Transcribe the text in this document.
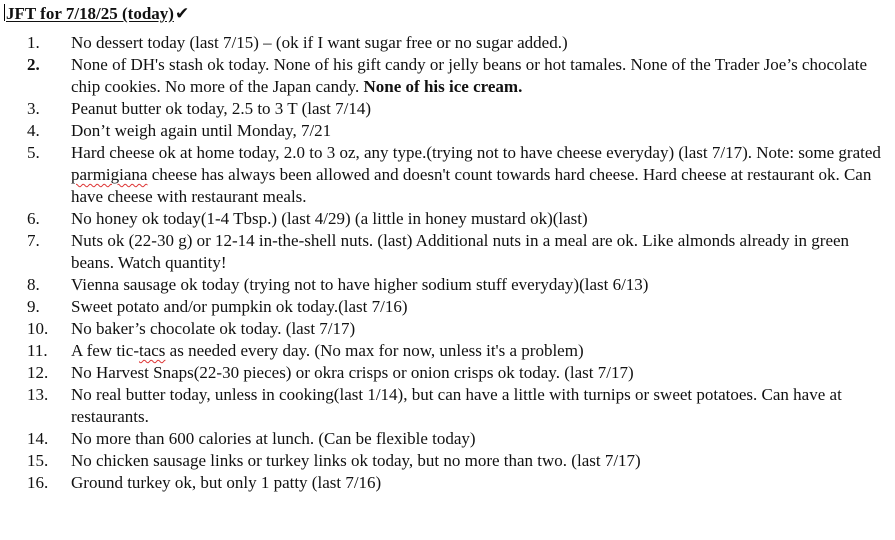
JFT for 7/18/25 (today)✔
1.	No dessert today (last 7/15) – (ok if I want sugar free or no sugar added.)
2.	None of DH's stash ok today. None of his gift candy or jelly beans or hot tamales. None of the Trader Joe’s chocolate chip cookies. No more of the Japan candy. None of his ice cream.
3.	Peanut butter ok today, 2.5 to 3 T (last 7/14)
4.	Don’t weigh again until Monday, 7/21
5.	Hard cheese ok at home today, 2.0 to 3 oz, any type.(trying not to have cheese everyday) (last 7/17). Note: some grated parmigiana cheese has always been allowed and doesn't count towards hard cheese. Hard cheese at restaurant ok. Can have cheese with restaurant meals.
6.	No honey ok today(1-4 Tbsp.) (last 4/29) (a little in honey mustard ok)(last)
7.	Nuts ok (22-30 g) or 12-14 in-the-shell nuts. (last) Additional nuts in a meal are ok. Like almonds already in green beans. Watch quantity!
8.	Vienna sausage ok today (trying not to have higher sodium stuff everyday)(last 6/13)
9.	Sweet potato and/or pumpkin ok today.(last 7/16)
10.	No baker’s chocolate ok today. (last 7/17)
11.	A few tic-tacs as needed every day. (No max for now, unless it's a problem)
12.	No Harvest Snaps(22-30 pieces) or okra crisps or onion crisps ok today. (last 7/17)
13.	No real butter today, unless in cooking(last 1/14), but can have a little with turnips or sweet potatoes. Can have at restaurants.
14.	No more than 600 calories at lunch. (Can be flexible today)
15.	No chicken sausage links or turkey links ok today, but no more than two. (last 7/17)
16.	Ground turkey ok, but only 1 patty (last 7/16)
